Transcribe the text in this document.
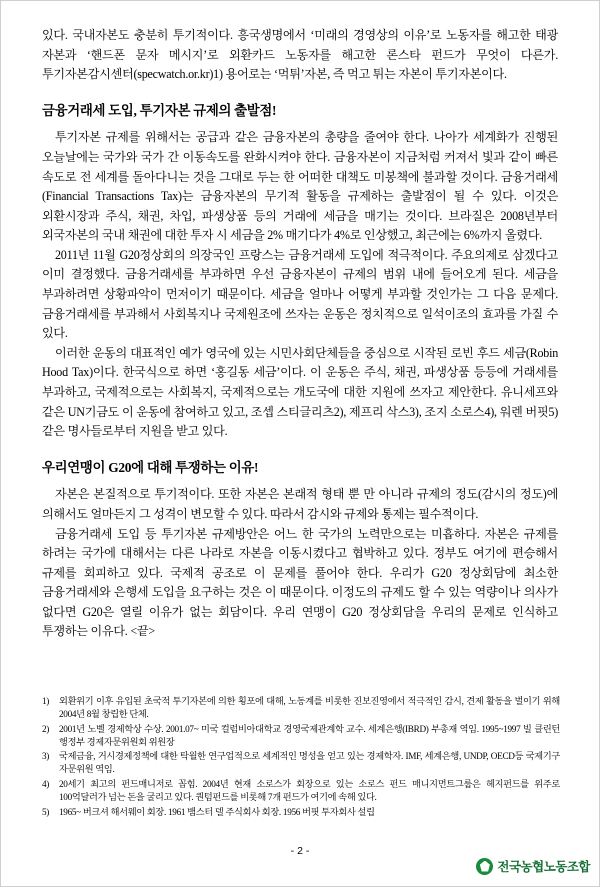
있다. 국내자본도 충분히 투기적이다. 흥국생명에서 ‘미래의 경영상의 이유’로 노동자를 해고한 태광 자본과 ‘핸드폰 문자 메시지’로 외환카드 노동자를 해고한 론스타 펀드가 무엇이 다른가. 투기자본감시센터(specwatch.or.kr)1) 용어로는 ‘먹튀’자본, 즉 먹고 튀는 자본이 투기자본이다.

금융거래세 도입, 투기자본 규제의 출발점!

투기자본 규제를 위해서는 공급과 같은 금융자본의 총량을 줄여야 한다. 나아가 세계화가 진행된 오늘날에는 국가와 국가 간 이동속도를 완화시켜야 한다. 금융자본이 지금처럼 커져서 빛과 같이 빠른 속도로 전 세계를 돌아다니는 것을 그대로 두는 한 어떠한 대책도 미봉책에 불과할 것이다. 금융거래세(Financial Transactions Tax)는 금융자본의 무기적 활동을 규제하는 출발점이 될 수 있다. 이것은 외환시장과 주식, 채권, 차입, 파생상품 등의 거래에 세금을 매기는 것이다. 브라질은 2008년부터 외국자본의 국내 채권에 대한 투자 시 세금을 2% 매기다가 4%로 인상했고, 최근에는 6%까지 올렸다.

2011년 11월 G20정상회의 의장국인 프랑스는 금융거래세 도입에 적극적이다. 주요의제로 삼겠다고 이미 결정했다. 금융거래세를 부과하면 우선 금융자본이 규제의 범위 내에 들어오게 된다. 세금을 부과하려면 상황파악이 먼저이기 때문이다. 세금을 얼마나 어떻게 부과할 것인가는 그 다음 문제다. 금융거래세를 부과해서 사회복지나 국제원조에 쓰자는 운동은 정치적으로 일석이조의 효과를 가질 수 있다.

이러한 운동의 대표적인 예가 영국에 있는 시민사회단체들을 중심으로 시작된 로빈 후드 세금(Robin Hood Tax)이다. 한국식으로 하면 ‘홍길동 세금’이다. 이 운동은 주식, 채권, 파생상품 등등에 거래세를 부과하고, 국제적으로는 사회복지, 국제적으로는 개도국에 대한 지원에 쓰자고 제안한다. 유니세프와 같은 UN기금도 이 운동에 참여하고 있고, 조셉 스티글리츠2), 제프리 삭스3), 조지 소로스4), 워렌 버핏5) 같은 명사들로부터 지원을 받고 있다.

우리연맹이 G20에 대해 투쟁하는 이유!

자본은 본질적으로 투기적이다. 또한 자본은 본래적 형태 뿐 만 아니라 규제의 정도(감시의 정도)에 의해서도 얼마든지 그 성격이 변모할 수 있다. 따라서 감시와 규제와 통제는 필수적이다.

금융거래세 도입 등 투기자본 규제방안은 어느 한 국가의 노력만으로는 미흡하다. 자본은 규제를 하려는 국가에 대해서는 다른 나라로 자본을 이동시켰다고 협박하고 있다. 정부도 여기에 편승해서 규제를 회피하고 있다. 국제적 공조로 이 문제를 풀어야 한다. 우리가 G20 정상회담에 최소한 금융거래세와 은행세 도입을 요구하는 것은 이 때문이다. 이정도의 규제도 할 수 있는 역량이나 의사가 없다면 G20은 열릴 이유가 없는 회담이다. 우리 연맹이 G20 정상회담을 우리의 문제로 인식하고 투쟁하는 이유다. <끝>

1)	외환위기 이후 유입된 초국적 투기자본에 의한 횡포에 대해, 노동계를 비롯한 진보진영에서 적극적인 감시, 견제 활동을 벌이기 위해 2004년 8월 창립한 단체.
2)	2001년 노벨 경제학상 수상. 2001.07~ 미국 컬럼비아대학교 경영국제관계학 교수. 세계은행(IBRD) 부총재 역임. 1995~1997 빌 클린턴 행정부 경제자문위원회 위원장
3)	국제금융, 거시경제정책에 대한 탁월한 연구업적으로 세계적인 명성을 얻고 있는 경제학자. IMF, 세계은행, UNDP, OECD등 국제기구 자문위원 역임.
4)	20세기 최고의 펀드매니저로 꼽힘. 2004년 현재 소로스가 회장으로 있는 소로스 펀드 매니지먼트그룹은 헤지펀드를 위주로 100억달러가 넘는 돈을 굴리고 있다. 퀀텀펀드를 비롯해 7개 펀드가 여기에 속해 있다.
5)	1965~ 버크셔 해서웨이 회장. 1961 뱀스터 델 주식회사 회장. 1956 버핏 투자회사 설립
- 2 -
전국농협노동조합
